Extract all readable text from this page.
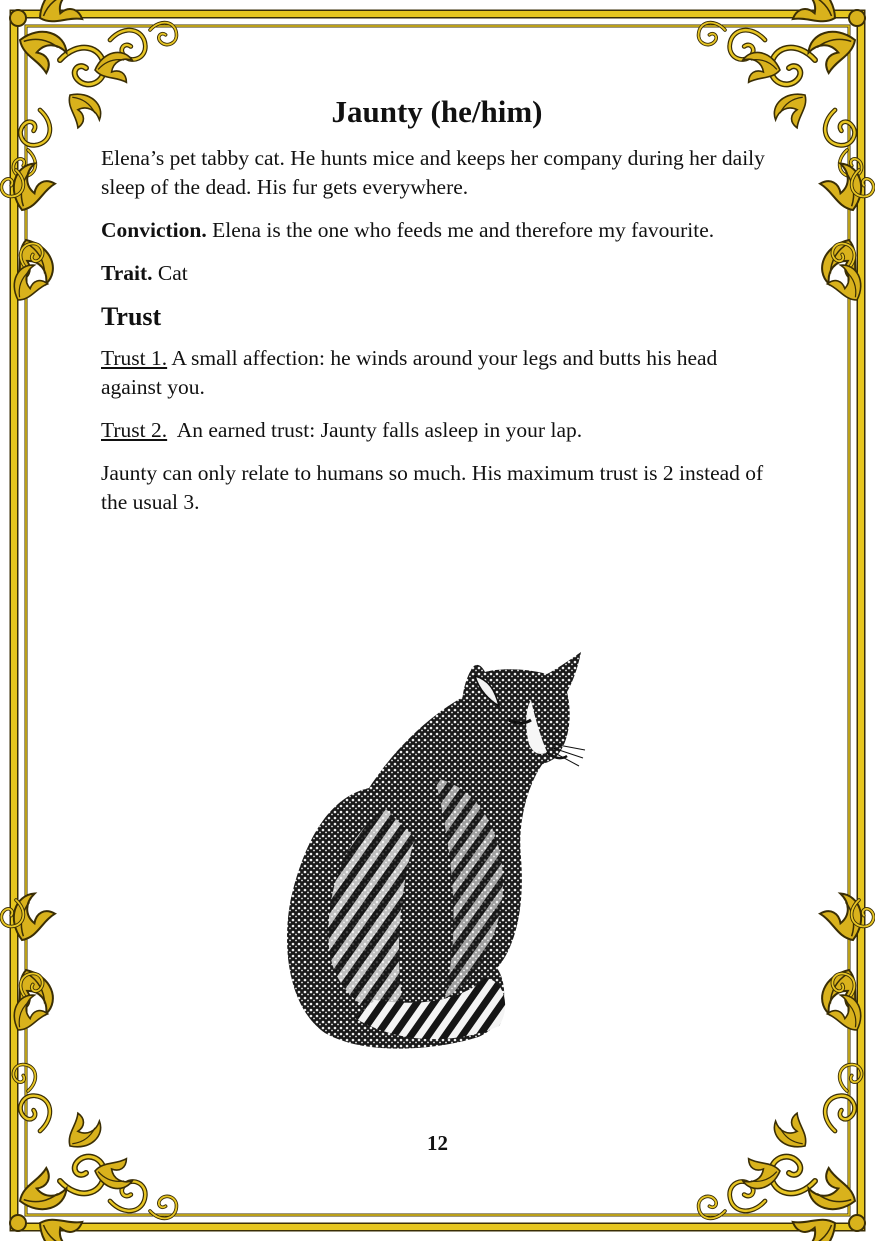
Jaunty (he/him)

Elena’s pet tabby cat. He hunts mice and keeps her company during her daily sleep of the dead. His fur gets everywhere.

Conviction. Elena is the one who feeds me and therefore my favourite.

Trait. Cat

Trust

Trust 1. A small affection: he winds around your legs and butts his head against you.

Trust 2.  An earned trust: Jaunty falls asleep in your lap.

Jaunty can only relate to humans so much. His maximum trust is 2 instead of the usual 3.

12
